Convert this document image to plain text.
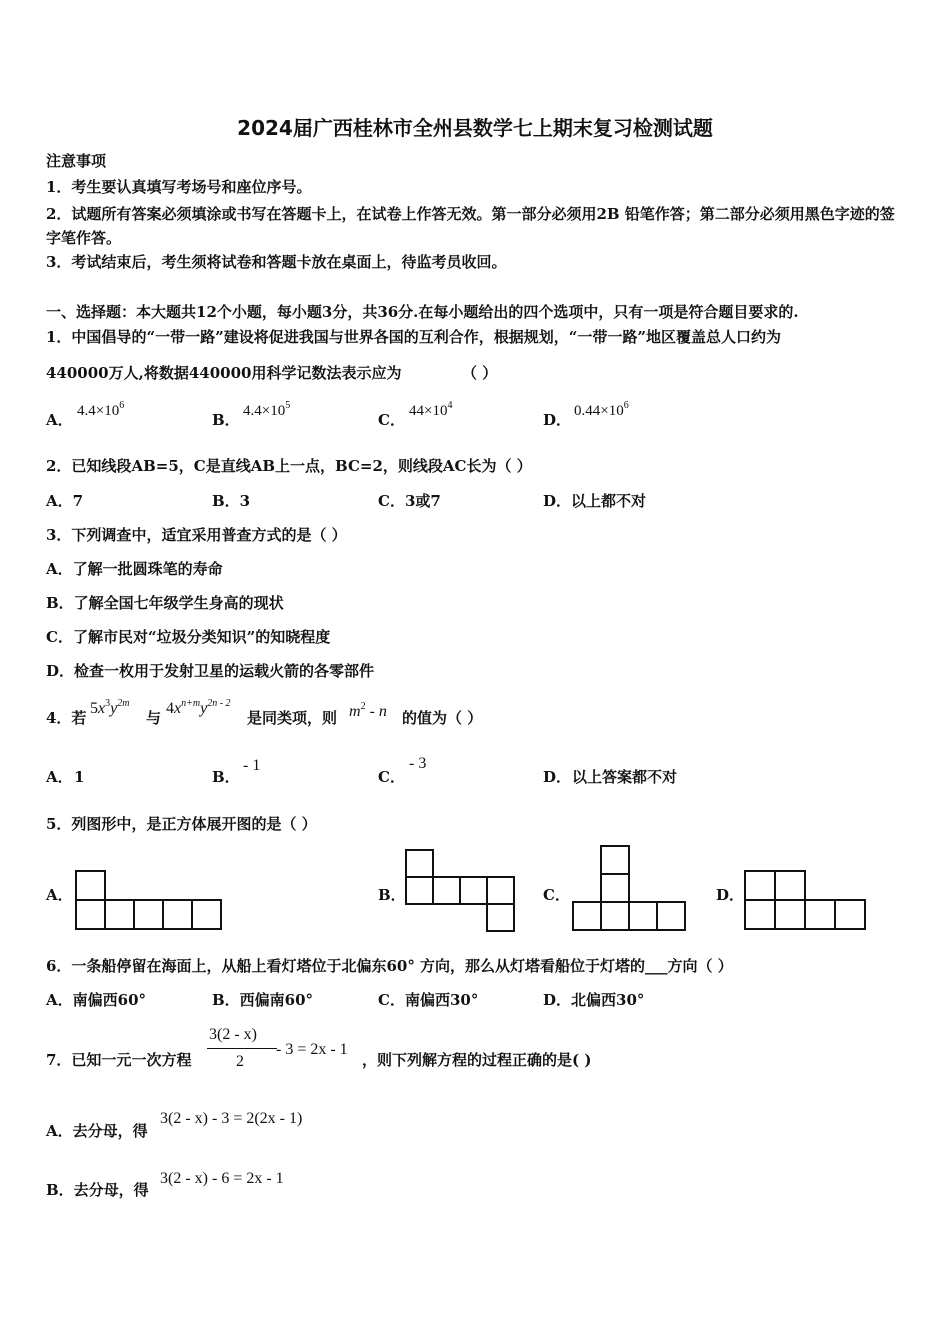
2024届广西桂林市全州县数学七上期末复习检测试题
注意事项
1．考生要认真填写考场号和座位序号。
2．试题所有答案必须填涂或书写在答题卡上，在试卷上作答无效。第一部分必须用2B 铅笔作答；第二部分必须用黑色字迹的签字笔作答。
3．考试结束后，考生须将试卷和答题卡放在桌面上，待监考员收回。
一、选择题：本大题共12个小题，每小题3分，共36分.在每小题给出的四个选项中，只有一项是符合题目要求的.
1．中国倡导的“一带一路”建设将促进我国与世界各国的互利合作，根据规划，“一带一路”地区覆盖总人口约为
440000万人,将数据440000用科学记数法表示应为	（ ）
A． $4.4\times 10^6$
B． $4.4\times 10^5$
C． $44\times 10^4$
D． $0.44\times 10^6$
2．已知线段AB=5，C是直线AB上一点，BC=2，则线段AC长为（ ）
A．7	B．3	C．3或7	D．以上都不对
3．下列调查中，适宜采用普查方式的是（ ）
A．了解一批圆珠笔的寿命
B．了解全国七年级学生身高的现状
C．了解市民对“垃圾分类知识”的知晓程度
D．检查一枚用于发射卫星的运载火箭的各零部件
4．若
$5x^3y^{2m}$
与
$4x^{n+m}y^{2n - 2}$
是同类项，则 $m^2$ - n 的值为（ ）
A． 1	B．
- 1
C．
- 3
D． 以上答案都不对
5．列图形中，是正方体展开图的是（ ）
A．	B．	C．	D．
6．一条船停留在海面上，从船上看灯塔位于北偏东60° 方向，那么从灯塔看船位于灯塔的___方向（ ）
A．南偏西60°	B．西偏南60°	C．南偏西30°	D．北偏西30°
7．已知一元一次方程
3(2 - x)
2
- 3 = 2x - 1
，则下列解方程的过程正确的是( )
A．去分母，得
3(2 - x) - 3 = 2(2x - 1)
B．去分母，得
3(2 - x) - 6 = 2x - 1
